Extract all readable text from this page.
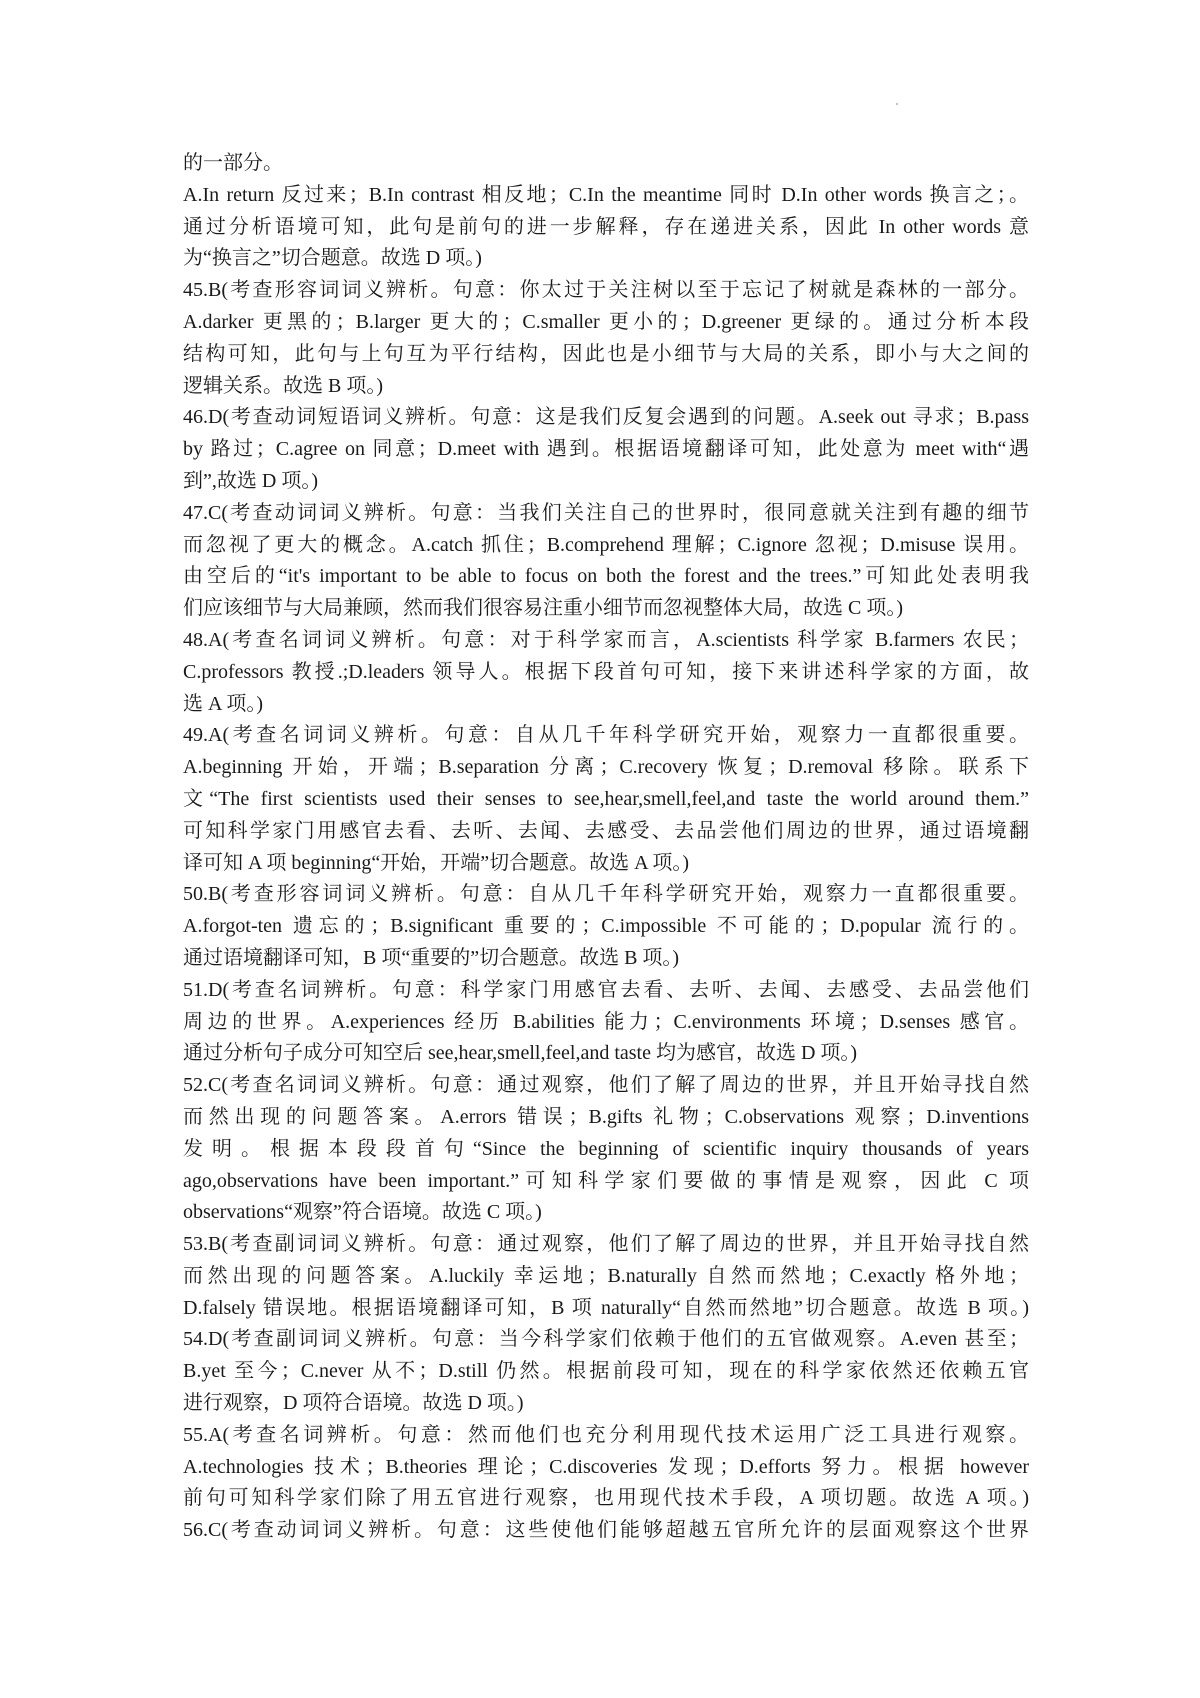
的一部分。
A.In return 反过来；B.In contrast 相反地；C.In the meantime 同时 D.In other words 换言之；。
通过分析语境可知，此句是前句的进一步解释，存在递进关系，因此 In other words 意
为“换言之”切合题意。故选 D 项。)
45.B(考查形容词词义辨析。句意：你太过于关注树以至于忘记了树就是森林的一部分。
A.darker 更黑的；B.larger 更大的；C.smaller 更小的；D.greener 更绿的。通过分析本段
结构可知，此句与上句互为平行结构，因此也是小细节与大局的关系，即小与大之间的
逻辑关系。故选 B 项。)
46.D(考查动词短语词义辨析。句意：这是我们反复会遇到的问题。A.seek out 寻求；B.pass
by 路过；C.agree on 同意；D.meet with 遇到。根据语境翻译可知，此处意为 meet with“遇
到”,故选 D 项。)
47.C(考查动词词义辨析。句意：当我们关注自己的世界时，很同意就关注到有趣的细节
而忽视了更大的概念。A.catch 抓住；B.comprehend 理解；C.ignore 忽视；D.misuse 误用。
由空后的“it's important to be able to focus on both the forest and the trees.”可知此处表明我
们应该细节与大局兼顾，然而我们很容易注重小细节而忽视整体大局，故选 C 项。)
48.A(考查名词词义辨析。句意：对于科学家而言，A.scientists 科学家 B.farmers 农民；
C.professors 教授.;D.leaders 领导人。根据下段首句可知，接下来讲述科学家的方面，故
选 A 项。)
49.A(考查名词词义辨析。句意：自从几千年科学研究开始，观察力一直都很重要。
A.beginning 开始，开端；B.separation 分离；C.recovery 恢复；D.removal 移除。联系下
文“The first scientists used their senses to see,hear,smell,feel,and taste the world around them.”
可知科学家门用感官去看、去听、去闻、去感受、去品尝他们周边的世界，通过语境翻
译可知 A 项 beginning“开始，开端”切合题意。故选 A 项。)
50.B(考查形容词词义辨析。句意：自从几千年科学研究开始，观察力一直都很重要。
A.forgot-ten 遗忘的；B.significant 重要的；C.impossible 不可能的；D.popular 流行的。
通过语境翻译可知，B 项“重要的”切合题意。故选 B 项。)
51.D(考查名词辨析。句意：科学家门用感官去看、去听、去闻、去感受、去品尝他们
周边的世界。A.experiences 经历 B.abilities 能力；C.environments 环境；D.senses 感官。
通过分析句子成分可知空后 see,hear,smell,feel,and taste 均为感官，故选 D 项。)
52.C(考查名词词义辨析。句意：通过观察，他们了解了周边的世界，并且开始寻找自然
而然出现的问题答案。A.errors 错误；B.gifts 礼物；C.observations 观察；D.inventions
发明。根据本段段首句“Since the beginning of scientific inquiry thousands of years
ago,observations have been important.”可知科学家们要做的事情是观察，因此 C 项
observations“观察”符合语境。故选 C 项。)
53.B(考查副词词义辨析。句意：通过观察，他们了解了周边的世界，并且开始寻找自然
而然出现的问题答案。A.luckily 幸运地；B.naturally 自然而然地；C.exactly 格外地；
D.falsely 错误地。根据语境翻译可知，B 项 naturally“自然而然地”切合题意。故选 B 项。)
54.D(考查副词词义辨析。句意：当今科学家们依赖于他们的五官做观察。A.even 甚至；
B.yet 至今；C.never 从不；D.still 仍然。根据前段可知，现在的科学家依然还依赖五官
进行观察，D 项符合语境。故选 D 项。)
55.A(考查名词辨析。句意：然而他们也充分利用现代技术运用广泛工具进行观察。
A.technologies 技术；B.theories 理论；C.discoveries 发现；D.efforts 努力。根据 however
前句可知科学家们除了用五官进行观察，也用现代技术手段，A 项切题。故选 A 项。)
56.C(考查动词词义辨析。句意：这些使他们能够超越五官所允许的层面观察这个世界
